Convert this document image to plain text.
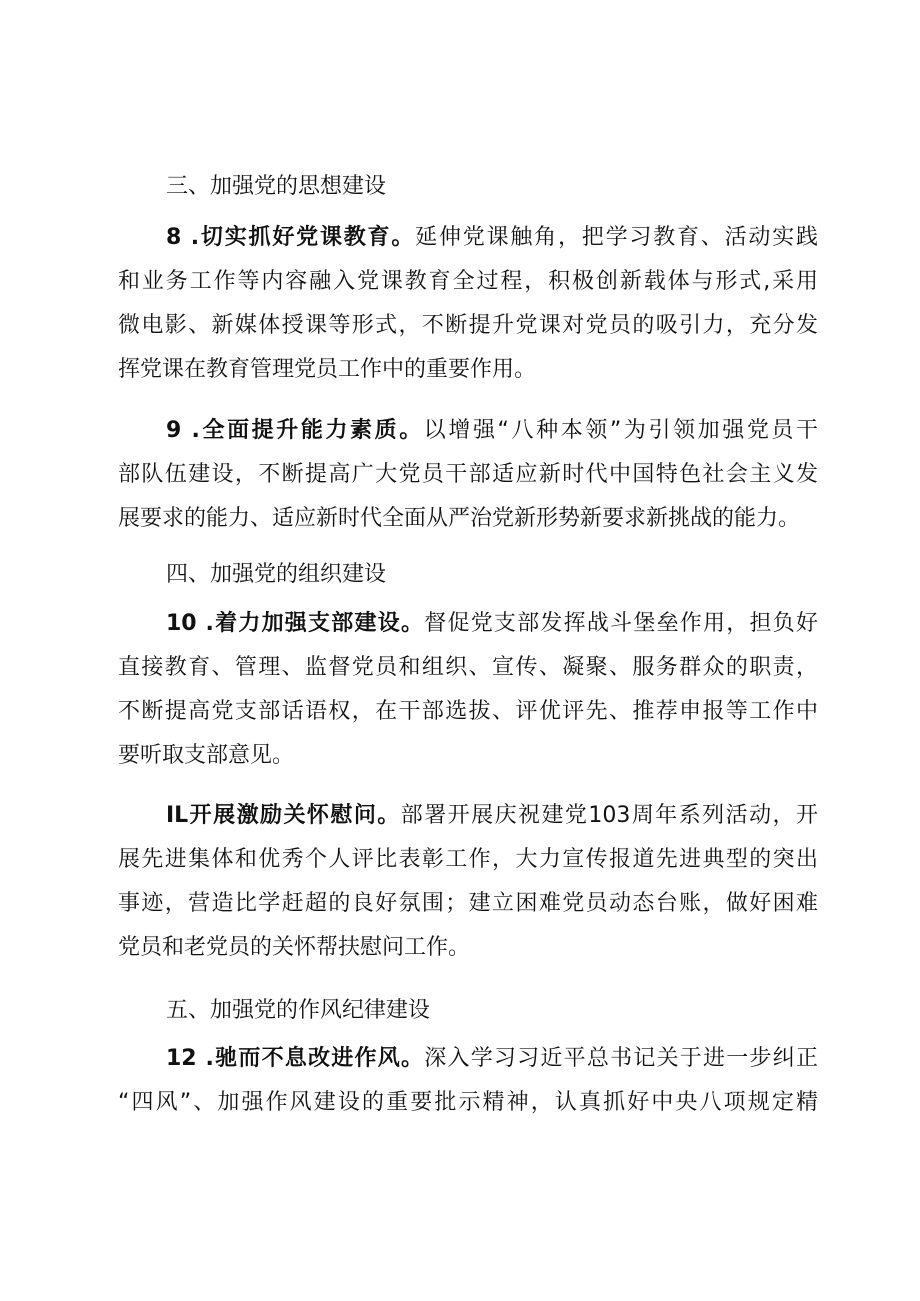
三、加强党的思想建设
8 .切实抓好党课教育。延伸党课触角，把学习教育、活动实践
和业务工作等内容融入党课教育全过程，积极创新载体与形式,采用
微电影、新媒体授课等形式，不断提升党课对党员的吸引力，充分发
挥党课在教育管理党员工作中的重要作用。
9 .全面提升能力素质。以增强“八种本领”为引领加强党员干
部队伍建设，不断提高广大党员干部适应新时代中国特色社会主义发
展要求的能力、适应新时代全面从严治党新形势新要求新挑战的能力。
四、加强党的组织建设
10 .着力加强支部建设。督促党支部发挥战斗堡垒作用，担负好
直接教育、管理、监督党员和组织、宣传、凝聚、服务群众的职责，
不断提高党支部话语权，在干部选拔、评优评先、推荐申报等工作中
要听取支部意见。
IL开展激励关怀慰问。部署开展庆祝建党103周年系列活动，开
展先进集体和优秀个人评比表彰工作，大力宣传报道先进典型的突出
事迹，营造比学赶超的良好氛围；建立困难党员动态台账，做好困难
党员和老党员的关怀帮扶慰问工作。
五、加强党的作风纪律建设
12 .驰而不息改进作风。深入学习习近平总书记关于进一步纠正
“四风”、加强作风建设的重要批示精神，认真抓好中央八项规定精
